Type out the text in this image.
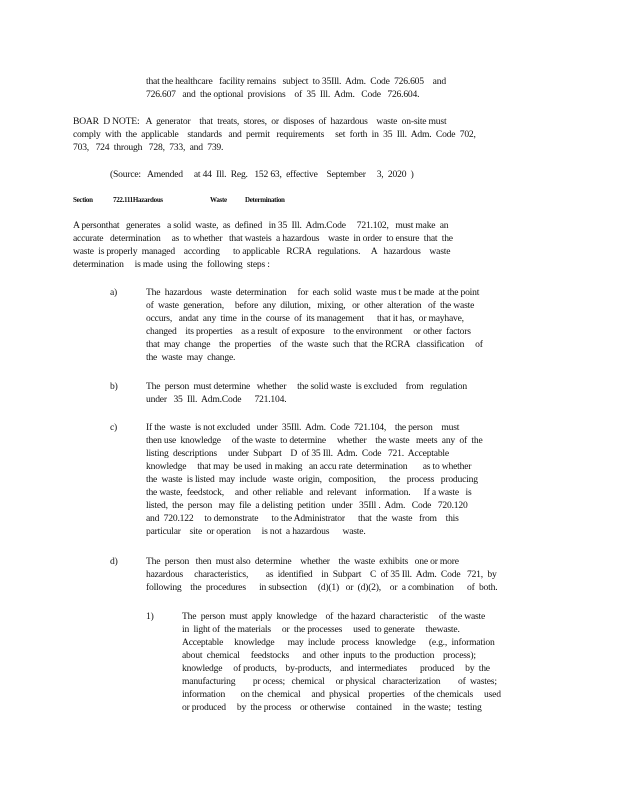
that the healthcare   facility remains   subject  to 35Ill.  Adm.  Code  726.605    and
726.607   and  the optional  provisions    of  35  Ill.  Adm.   Code   726.604.
BOAR  D NOTE:   A  generator    that  treats,  stores,  or  disposes  of  hazardous    waste  on-site must
comply  with  the  applicable    standards   and  permit   requirements     set  forth  in  35  Ill.  Adm.  Code  702,
703,   724  through   728,  733,  and  739.
(Source:   Amended     at 44  Ill.  Reg.   152 63,  effective    September     3,  2020  )
Section	722.111Hazardous	Waste	Determination
A personthat   generates   a solid  waste,  as  defined   in 35  Ill.  Adm.Code     721.102,   must make  an
accurate   determination     as  to whether   that wasteis  a hazardous    waste  in order  to ensure  that  the
waste  is properly  managed    according      to applicable   RCRA   regulations.     A   hazardous    waste
determination     is made  using  the  following  steps :
a)	The  hazardous    waste  determination     for  each  solid  waste  mus t be made  at the point
of  waste  generation,     before  any  dilution,   mixing,   or  other  alteration   of  the waste
occurs,   andat  any  time  in the  course  of  its management      that it has,  or mayhave,
changed    its properties    as a result  of exposure    to the environment     or other  factors
that  may  change    the  properties    of  the  waste  such  that  the RCRA   classification     of
the  waste  may  change.
b)	The  person  must determine   whether     the solid waste  is excluded    from   regulation
under   35  Ill.  Adm.Code      721.104.
c)	If the  waste  is not excluded   under  35Ill.  Adm.  Code  721.104,    the person    must
then use  knowledge     of the waste  to determine     whether    the waste   meets  any  of  the
listing  descriptions     under  Subpart    D  of 35 Ill.  Adm.  Code   721.  Acceptable
knowledge     that may  be used  in making   an accu rate  determination       as to whether
the  waste  is listed  may  include   waste  origin,   composition,      the   process   producing
the waste,  feedstock,     and  other  reliable   and  relevant    information.      If a waste   is
listed,  the  person   may  file  a delisting  petition   under   35Ill .  Adm.   Code   720.120
and  720.122     to demonstrate      to the Administrator      that  the  waste   from    this
particular    site  or operation     is not  a hazardous      waste.
d)	The  person   then  must also  determine    whether    the  waste  exhibits   one or more
hazardous     characteristics,        as  identified    in  Subpart    C  of 35 Ill.  Adm.  Code   721,  by
following    the  procedures      in subsection     (d)(1)   or  (d)(2),    or  a combination      of  both.
1)	The  person  must  apply  knowledge    of  the hazard  characteristic     of  the waste
in  light of  the materials     or  the processes     used  to generate     thewaste.
Acceptable     knowledge      may  include   process   knowledge      (e.g.,  information
about  chemical     feedstocks      and  other  inputs  to the  production    process);
knowledge     of products,    by-products,    and  intermediates      produced     by  the
manufacturing        pr ocess;   chemical     or physical   characterization        of  wastes;
information       on the  chemical     and  physical    properties    of the chemicals     used
or produced     by  the process    or otherwise     contained     in  the waste;   testing
